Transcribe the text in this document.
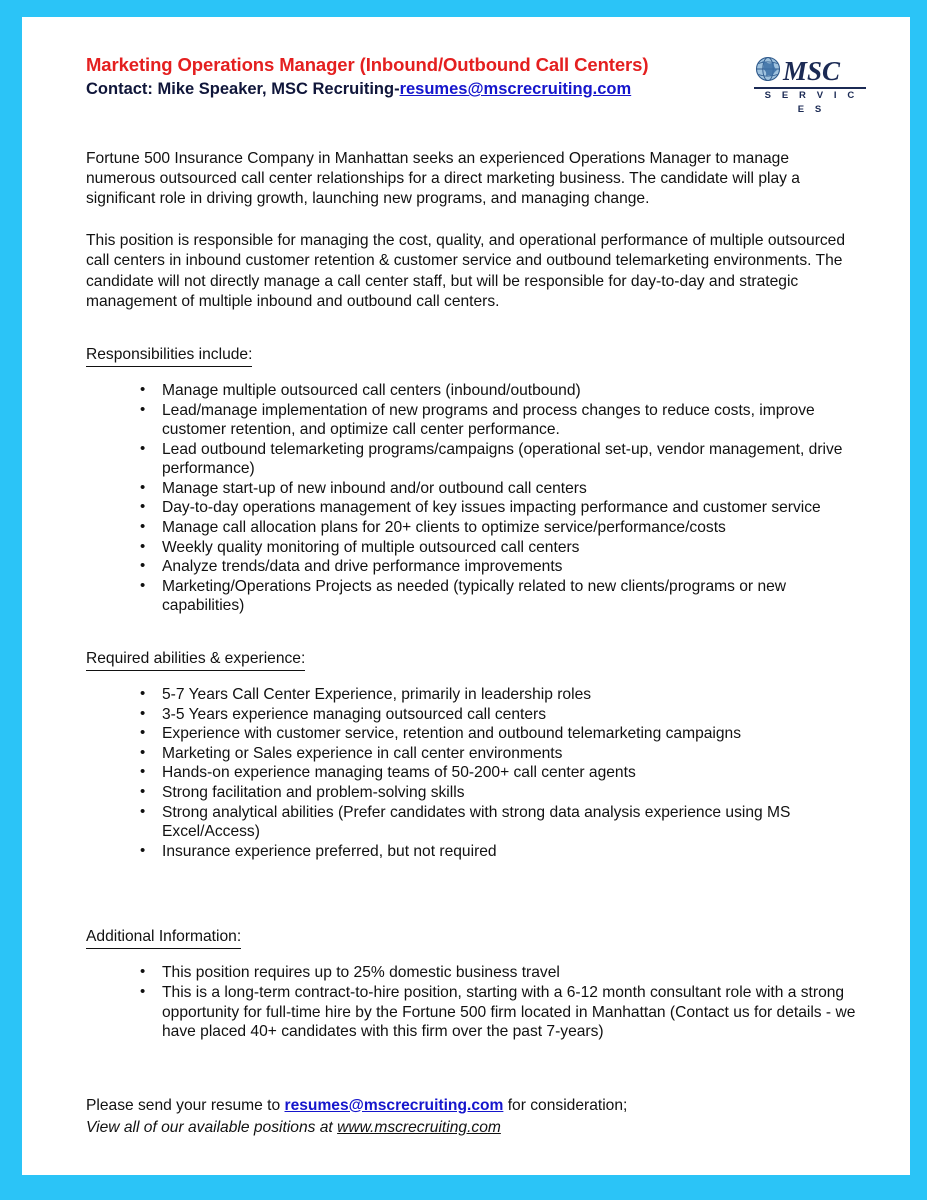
Marketing Operations Manager (Inbound/Outbound Call Centers)
Contact: Mike Speaker, MSC Recruiting-resumes@mscrecruiting.com
MSC
S E R V I C E S

Fortune 500 Insurance Company in Manhattan seeks an experienced Operations Manager to manage numerous outsourced call center relationships for a direct marketing business. The candidate will play a significant role in driving growth, launching new programs, and managing change.

This position is responsible for managing the cost, quality, and operational performance of multiple outsourced call centers in inbound customer retention & customer service and outbound telemarketing environments. The candidate will not directly manage a call center staff, but will be responsible for day-to-day and strategic management of multiple inbound and outbound call centers.

Responsibilities include:
• Manage multiple outsourced call centers (inbound/outbound)
• Lead/manage implementation of new programs and process changes to reduce costs, improve customer retention, and optimize call center performance.
• Lead outbound telemarketing programs/campaigns (operational set-up, vendor management, drive performance)
• Manage start-up of new inbound and/or outbound call centers
• Day-to-day operations management of key issues impacting performance and customer service
• Manage call allocation plans for 20+ clients to optimize service/performance/costs
• Weekly quality monitoring of multiple outsourced call centers
• Analyze trends/data and drive performance improvements
• Marketing/Operations Projects as needed (typically related to new clients/programs or new capabilities)
Required abilities & experience:
• 5-7 Years Call Center Experience, primarily in leadership roles
• 3-5 Years experience managing outsourced call centers
• Experience with customer service, retention and outbound telemarketing campaigns
• Marketing or Sales experience in call center environments
• Hands-on experience managing teams of 50-200+ call center agents
• Strong facilitation and problem-solving skills
• Strong analytical abilities (Prefer candidates with strong data analysis experience using MS Excel/Access)
• Insurance experience preferred, but not required
Additional Information:
• This position requires up to 25% domestic business travel
• This is a long-term contract-to-hire position, starting with a 6-12 month consultant role with a strong opportunity for full-time hire by the Fortune 500 firm located in Manhattan (Contact us for details - we have placed 40+ candidates with this firm over the past 7-years)

Please send your resume to resumes@mscrecruiting.com for consideration;

View all of our available positions at www.mscrecruiting.com
